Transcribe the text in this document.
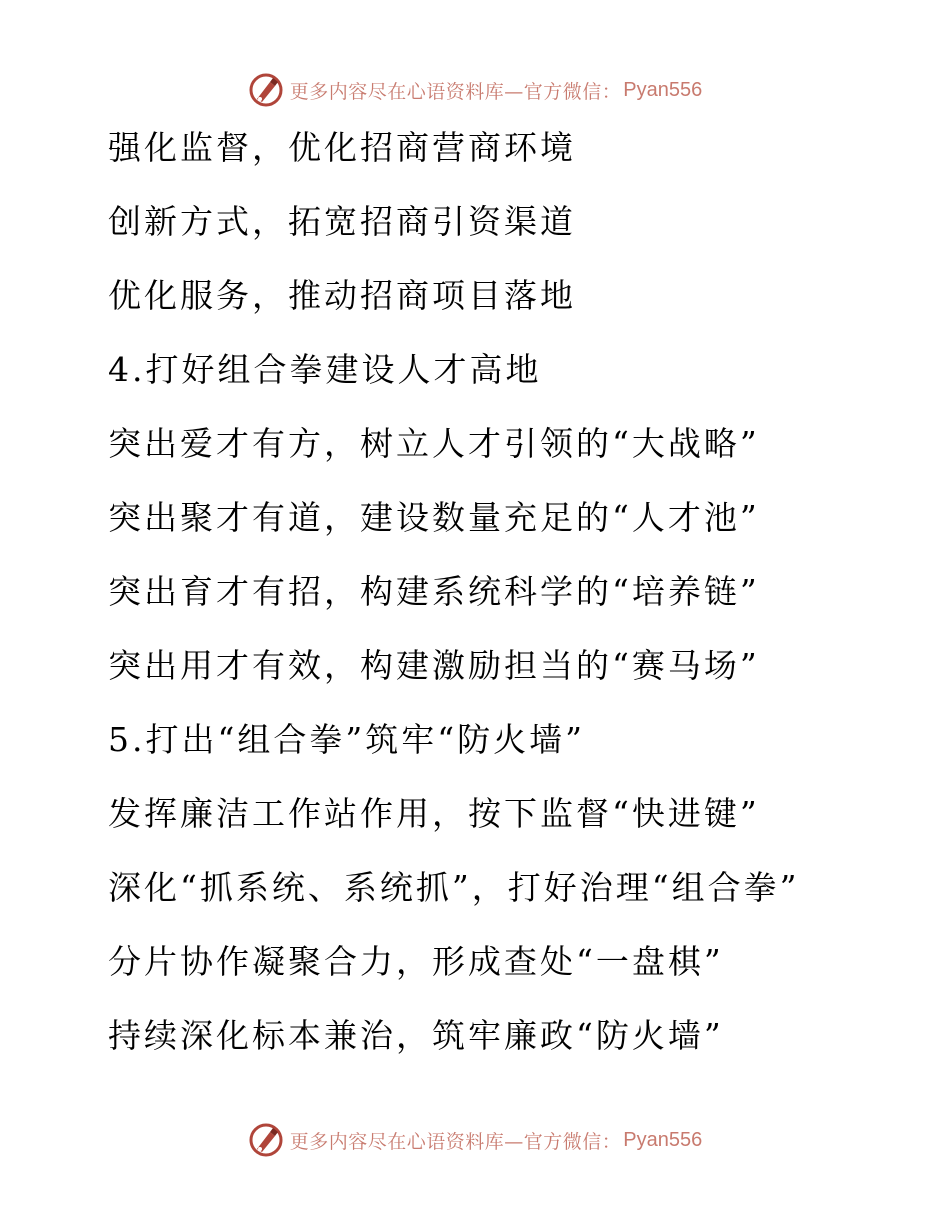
更多内容尽在心语资料库—官方微信： Pyan556
强化监督，优化招商营商环境
创新方式，拓宽招商引资渠道
优化服务，推动招商项目落地
4.打好组合拳建设人才高地
突出爱才有方，树立人才引领的“大战略”
突出聚才有道，建设数量充足的“人才池”
突出育才有招，构建系统科学的“培养链”
突出用才有效，构建激励担当的“赛马场”
5.打出“组合拳”筑牢“防火墙”
发挥廉洁工作站作用，按下监督“快进键”
深化“抓系统、系统抓”，打好治理“组合拳”
分片协作凝聚合力，形成查处“一盘棋”
持续深化标本兼治，筑牢廉政“防火墙”
更多内容尽在心语资料库—官方微信： Pyan556
